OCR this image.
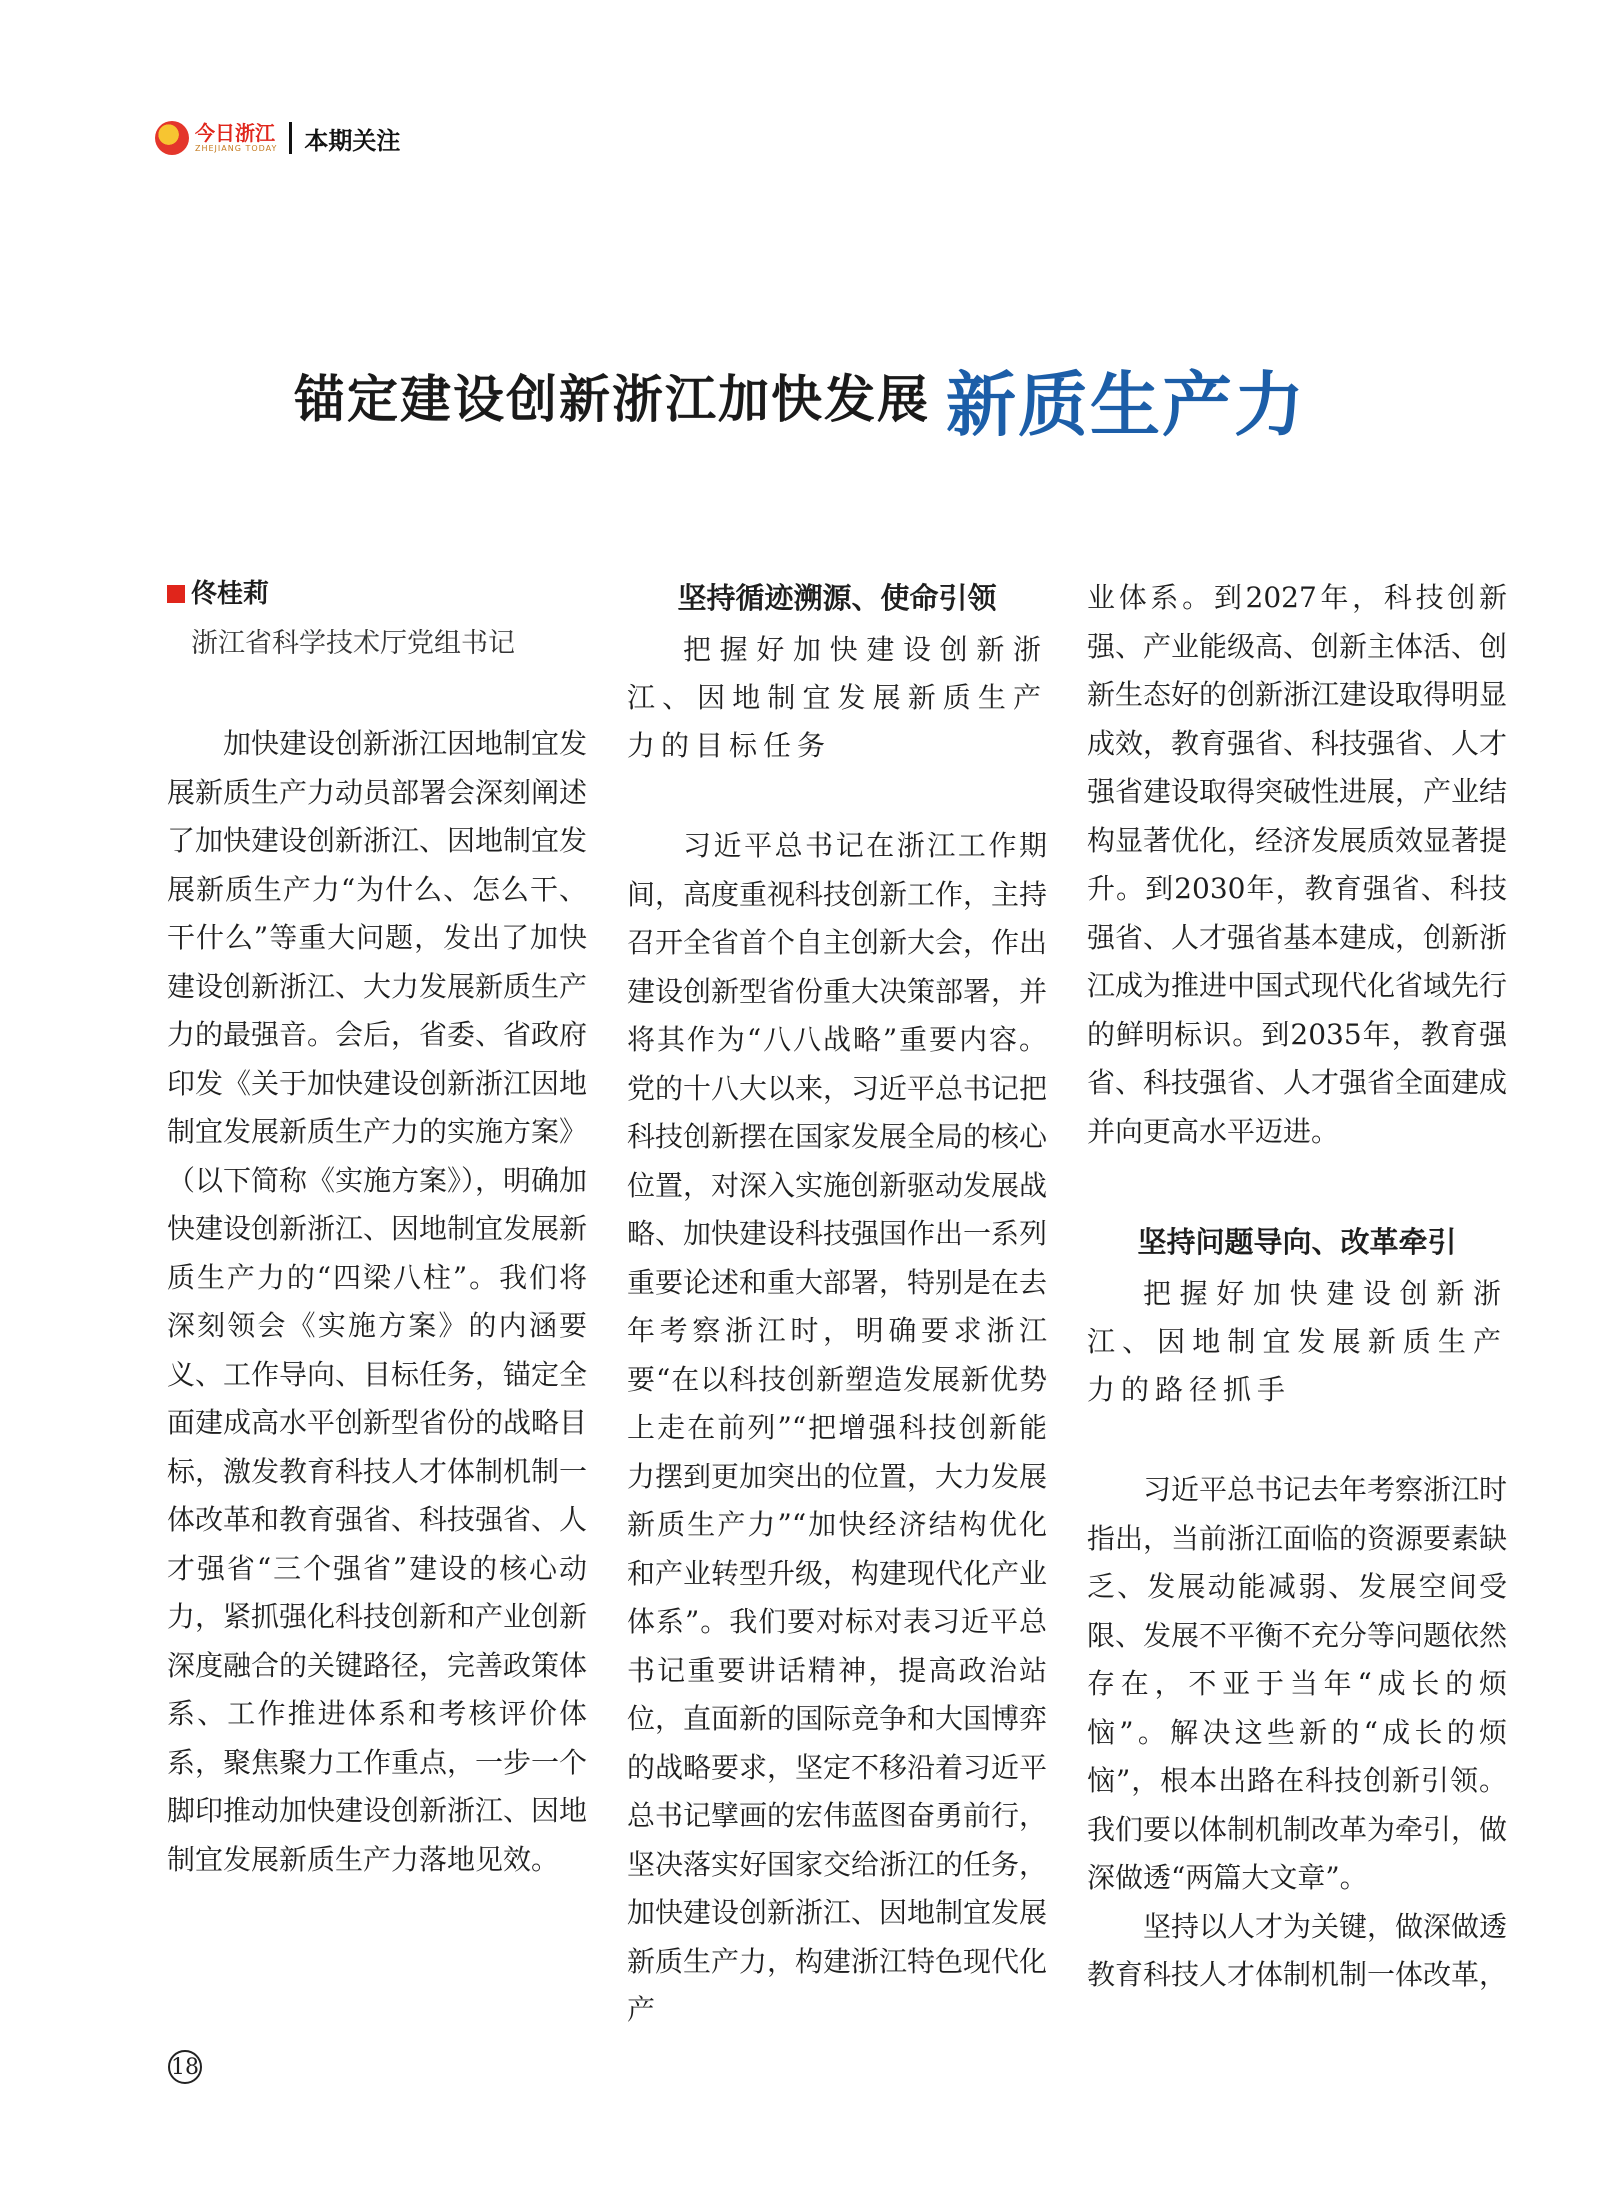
今日浙江
ZHEJIANG TODAY 本期关注
锚定建设创新浙江加快发展 新质生产力
佟桂莉
浙江省科学技术厅党组书记

加快建设创新浙江因地制宜发展新质生产力动员部署会深刻阐述了加快建设创新浙江、因地制宜发展新质生产力“为什么、怎么干、干什么”等重大问题，发出了加快建设创新浙江、大力发展新质生产力的最强音。会后，省委、省政府印发《关于加快建设创新浙江因地制宜发展新质生产力的实施方案》（以下简称《实施方案》），明确加快建设创新浙江、因地制宜发展新质生产力的“四梁八柱”。我们将深刻领会《实施方案》的内涵要义、工作导向、目标任务，锚定全面建成高水平创新型省份的战略目标，激发教育科技人才体制机制一体改革和教育强省、科技强省、人才强省“三个强省”建设的核心动力，紧抓强化科技创新和产业创新深度融合的关键路径，完善政策体系、工作推进体系和考核评价体系，聚焦聚力工作重点，一步一个脚印推动加快建设创新浙江、因地制宜发展新质生产力落地见效。

坚持循迹溯源、使命引领
把握好加快建设创新浙江、因地制宜发展新质生产力的目标任务

习近平总书记在浙江工作期间，高度重视科技创新工作，主持召开全省首个自主创新大会，作出建设创新型省份重大决策部署，并将其作为“八八战略”重要内容。党的十八大以来，习近平总书记把科技创新摆在国家发展全局的核心位置，对深入实施创新驱动发展战略、加快建设科技强国作出一系列重要论述和重大部署，特别是在去年考察浙江时，明确要求浙江要“在以科技创新塑造发展新优势上走在前列”“把增强科技创新能力摆到更加突出的位置，大力发展新质生产力”“加快经济结构优化和产业转型升级，构建现代化产业体系”。我们要对标对表习近平总书记重要讲话精神，提高政治站位，直面新的国际竞争和大国博弈的战略要求，坚定不移沿着习近平总书记擘画的宏伟蓝图奋勇前行，坚决落实好国家交给浙江的任务，加快建设创新浙江、因地制宜发展新质生产力，构建浙江特色现代化产

业体系。到2027年，科技创新强、产业能级高、创新主体活、创新生态好的创新浙江建设取得明显成效，教育强省、科技强省、人才强省建设取得突破性进展，产业结构显著优化，经济发展质效显著提升。到2030年，教育强省、科技强省、人才强省基本建成，创新浙江成为推进中国式现代化省域先行的鲜明标识。到2035年，教育强省、科技强省、人才强省全面建成并向更高水平迈进。

坚持问题导向、改革牵引
把握好加快建设创新浙江、因地制宜发展新质生产力的路径抓手

习近平总书记去年考察浙江时指出，当前浙江面临的资源要素缺乏、发展动能减弱、发展空间受限、发展不平衡不充分等问题依然存在，不亚于当年“成长的烦恼”。解决这些新的“成长的烦恼”，根本出路在科技创新引领。我们要以体制机制改革为牵引，做深做透“两篇大文章”。

坚持以人才为关键，做深做透教育科技人才体制机制一体改革，

18
